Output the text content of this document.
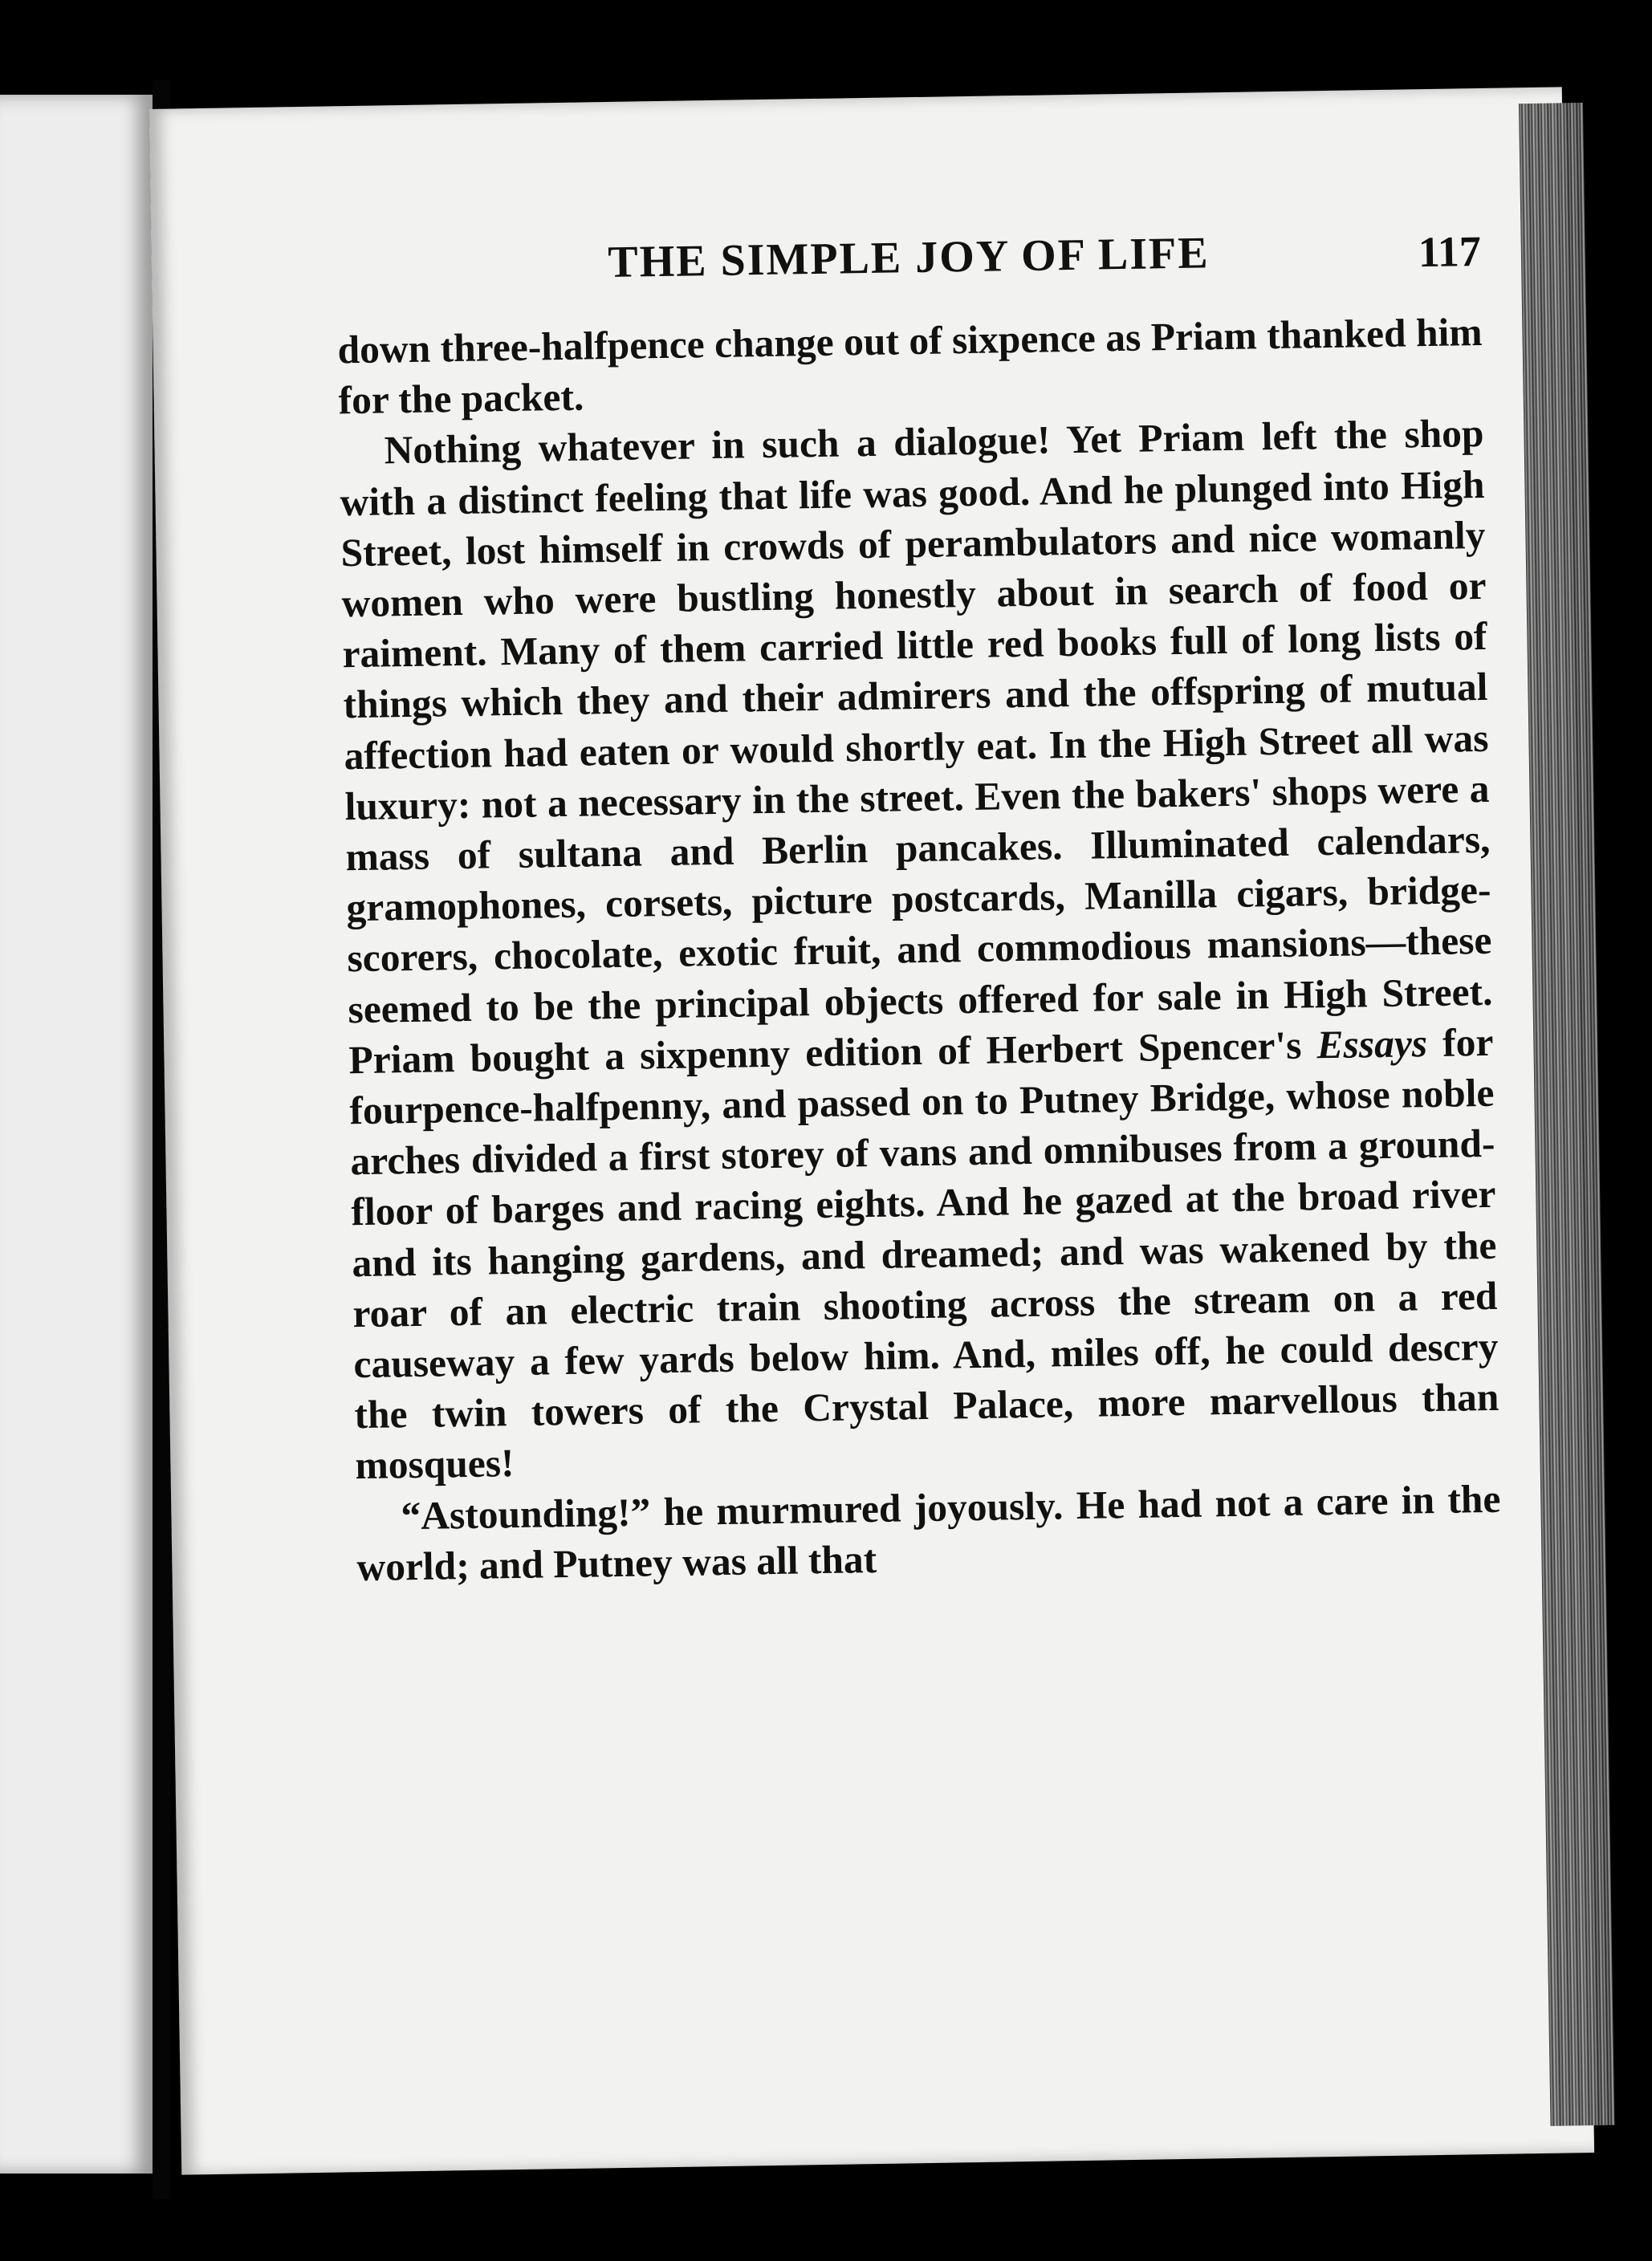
THE SIMPLE JOY OF LIFE	117

down three-halfpence change out of sixpence as Priam thanked him for the packet.

Nothing whatever in such a dialogue! Yet Priam left the shop with a distinct feeling that life was good. And he plunged into High Street, lost himself in crowds of perambulators and nice womanly women who were bustling honestly about in search of food or raiment. Many of them carried little red books full of long lists of things which they and their admirers and the offspring of mutual affection had eaten or would shortly eat. In the High Street all was luxury: not a necessary in the street. Even the bakers' shops were a mass of sultana and Berlin pancakes. Illuminated calendars, gramophones, corsets, picture postcards, Manilla cigars, bridge-scorers, chocolate, exotic fruit, and commodious mansions—these seemed to be the principal objects offered for sale in High Street. Priam bought a sixpenny edition of Herbert Spencer's Essays for fourpence-halfpenny, and passed on to Putney Bridge, whose noble arches divided a first storey of vans and omnibuses from a ground-floor of barges and racing eights. And he gazed at the broad river and its hanging gardens, and dreamed; and was wakened by the roar of an electric train shooting across the stream on a red causeway a few yards below him. And, miles off, he could descry the twin towers of the Crystal Palace, more marvellous than mosques!

“Astounding!” he murmured joyously. He had not a care in the world; and Putney was all that
